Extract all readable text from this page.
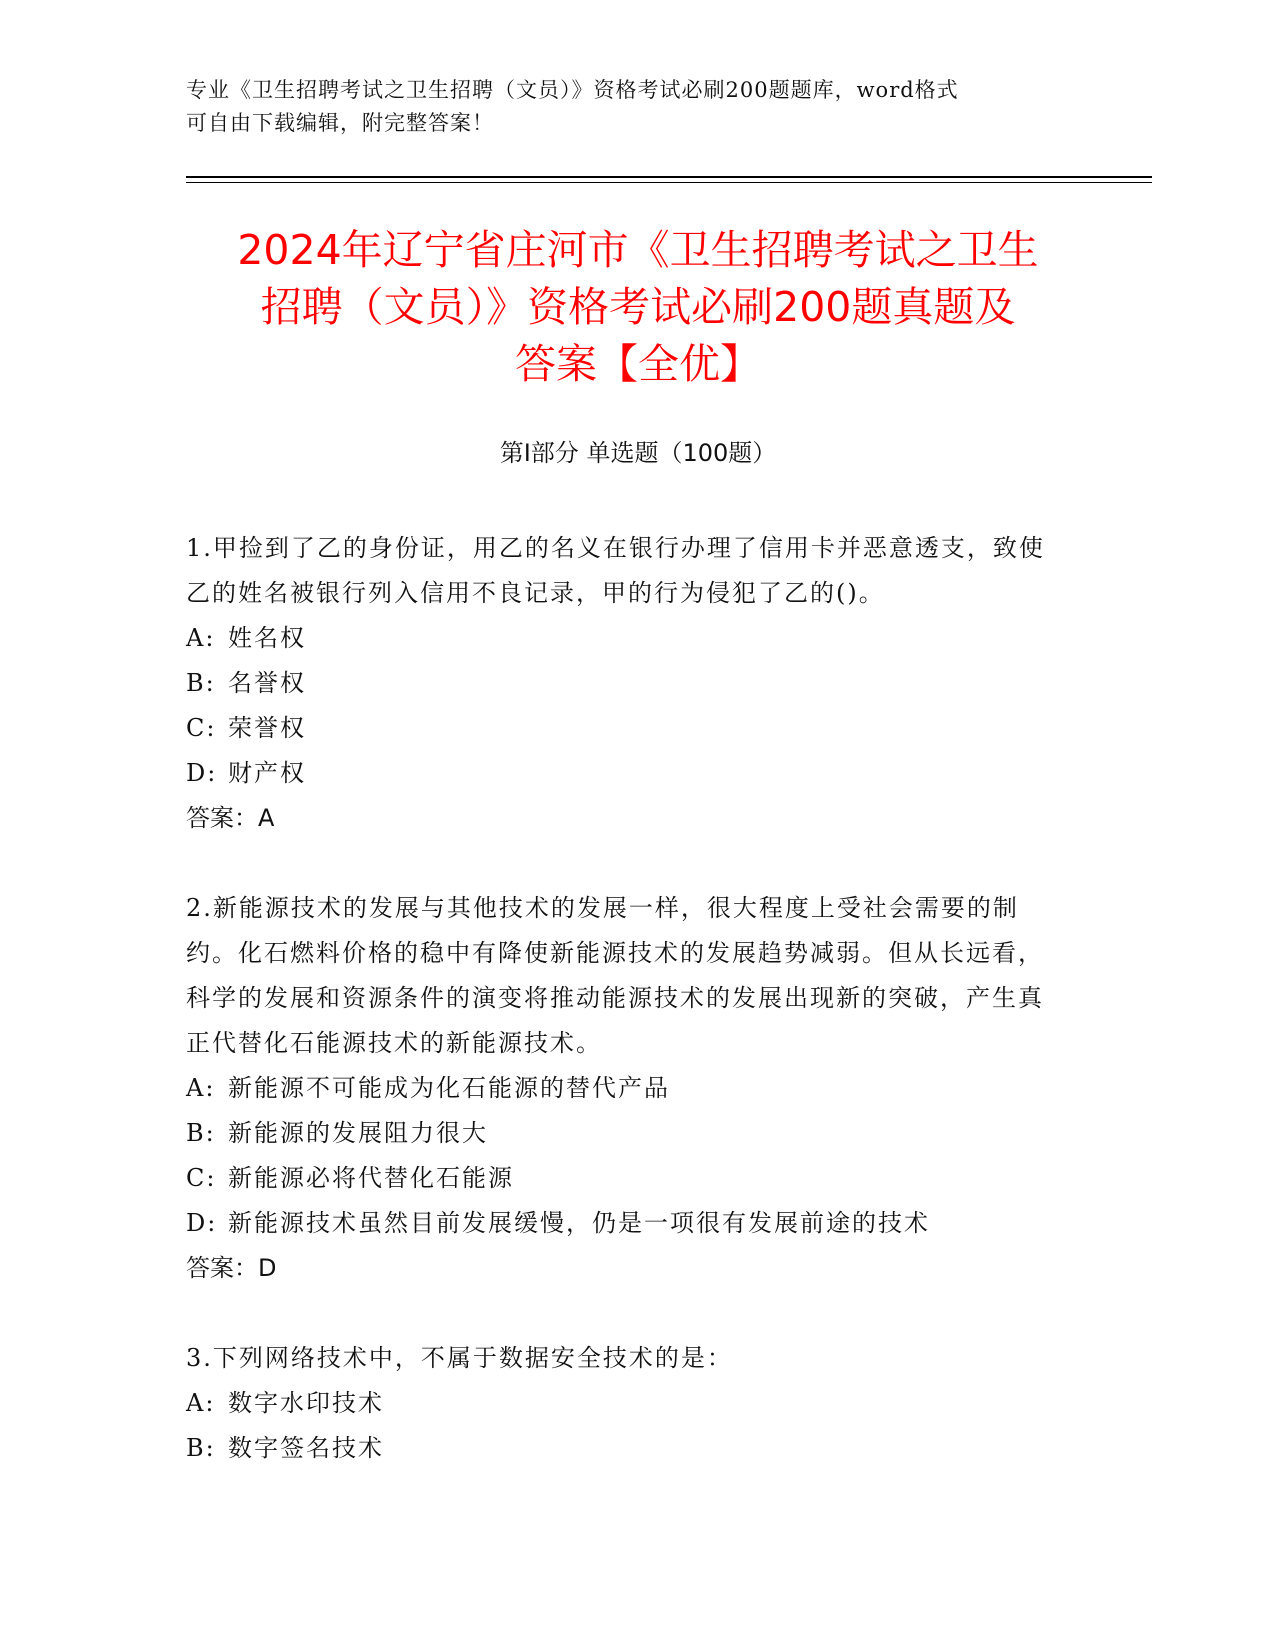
专业《卫生招聘考试之卫生招聘（文员）》资格考试必刷200题题库，word格式
可自由下载编辑，附完整答案！
2024年辽宁省庄河市《卫生招聘考试之卫生
招聘（文员）》资格考试必刷200题真题及
答案【全优】
第I部分 单选题（100题）

1.甲捡到了乙的身份证，用乙的名义在银行办理了信用卡并恶意透支，致使乙的姓名被银行列入信用不良记录，甲的行为侵犯了乙的()。

A: 姓名权

B: 名誉权

C: 荣誉权

D: 财产权

答案：A

2.新能源技术的发展与其他技术的发展一样，很大程度上受社会需要的制约。化石燃料价格的稳中有降使新能源技术的发展趋势减弱。但从长远看，科学的发展和资源条件的演变将推动能源技术的发展出现新的突破，产生真正代替化石能源技术的新能源技术。

A: 新能源不可能成为化石能源的替代产品

B: 新能源的发展阻力很大

C: 新能源必将代替化石能源

D: 新能源技术虽然目前发展缓慢，仍是一项很有发展前途的技术

答案：D

3.下列网络技术中，不属于数据安全技术的是：

A: 数字水印技术

B: 数字签名技术
